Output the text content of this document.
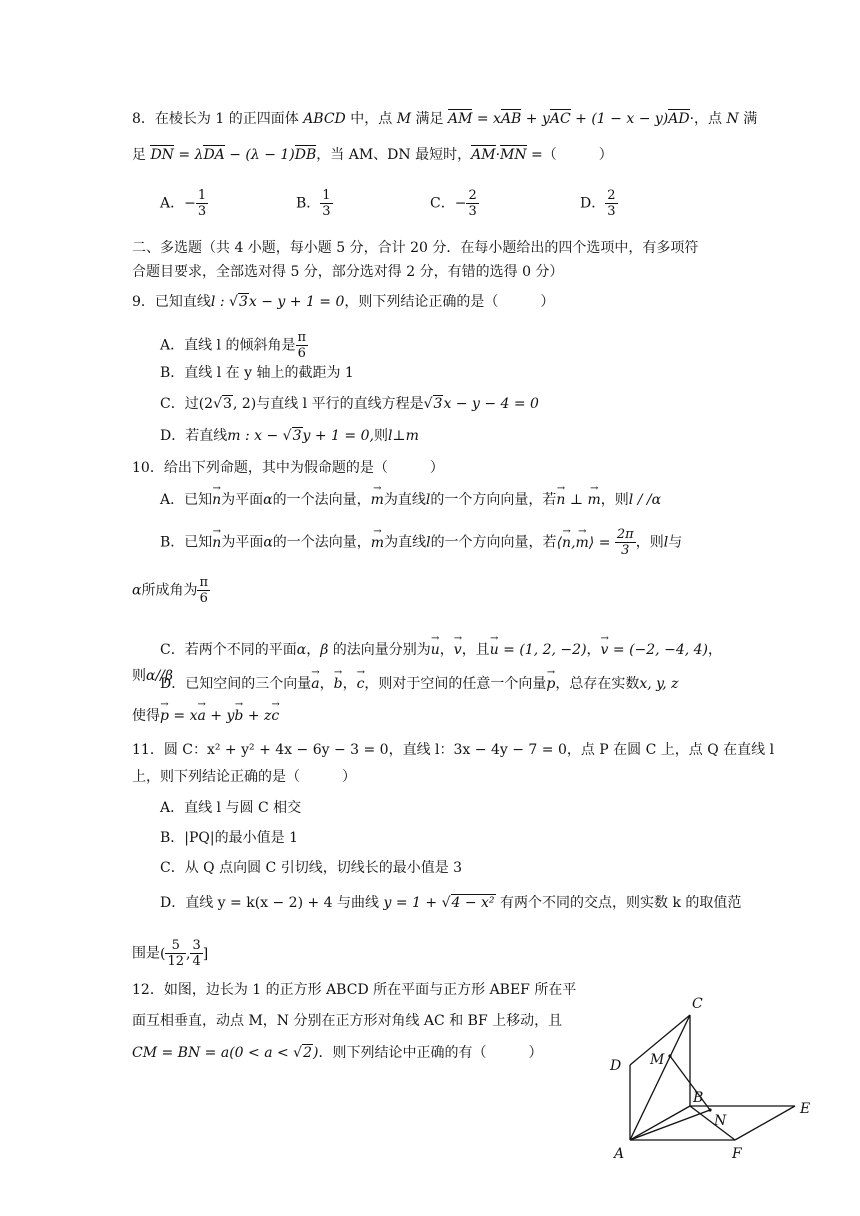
8．在棱长为 1 的正四面体 ABCD 中，点 M 满足 AM = xAB + yAC + (1 − x − y)AD·，点 N 满
足 DN = λDA − (λ − 1)DB，当 AM、DN 最短时，AM·MN =（　　　）
A．− $\frac{1}{3}$	B． $\frac{1}{3}$	C．− $\frac{2}{3}$	D． $\frac{2}{3}$
二、多选题（共 4 小题，每小题 5 分，合计 20 分．在每小题给出的四个选项中，有多项符
合题目要求，全部选对得 5 分，部分选对得 2 分，有错的选得 0 分）
9．已知直线l : √3x − y + 1 = 0，则下列结论正确的是（　　　）
A．直线 l 的倾斜角是 $\frac{\pi}{6}$
B．直线 l 在 y 轴上的截距为 1
C．过(2√3, 2)与直线 l 平行的直线方程是√3x − y − 4 = 0
D．若直线m : x − √3y + 1 = 0,则l⊥m
10．给出下列命题，其中为假命题的是（　　　）
A．已知→ n为平面α的一个法向量，→ m为直线l的一个方向向量，若→ n ⊥ → m，则l / /α
B．已知→ n为平面α的一个法向量，→ m为直线l的一个方向向量，若⟨→ n,→ m⟩ = $\frac{2\pi}{3}$ ，则l与
α所成角为 $\frac{\pi}{6}$
C．若两个不同的平面α，β 的法向量分别为→ u，→ v，且→ u = (1, 2, −2)，→ v = (−2, −4, 4)，
则α//β
D．已知空间的三个向量→ a，→ b，→ c，则对于空间的任意一个向量→ p，总存在实数x, y, z
使得→ p = x→ a + y→ b + z→ c
11．圆 C：x² + y² + 4x − 6y − 3 = 0，直线 l：3x − 4y − 7 = 0，点 P 在圆 C 上，点 Q 在直线 l
上，则下列结论正确的是（　　　）
A．直线 l 与圆 C 相交
B．|PQ|的最小值是 1
C．从 Q 点向圆 C 引切线，切线长的最小值是 3
D．直线 y = k(x − 2) + 4 与曲线 y = 1 + √4 − x² 有两个不同的交点，则实数 k 的取值范
围是( $\frac{5}{12}$ , $\frac{3}{4}$ ]
12．如图，边长为 1 的正方形 ABCD 所在平面与正方形 ABEF 所在平
面互相垂直，动点 M，N 分别在正方形对角线 AC 和 BF 上移动，且
CM = BN = a(0 < a < √2)．则下列结论中正确的有（　　　）
C
D M
B
E
N
A	F
